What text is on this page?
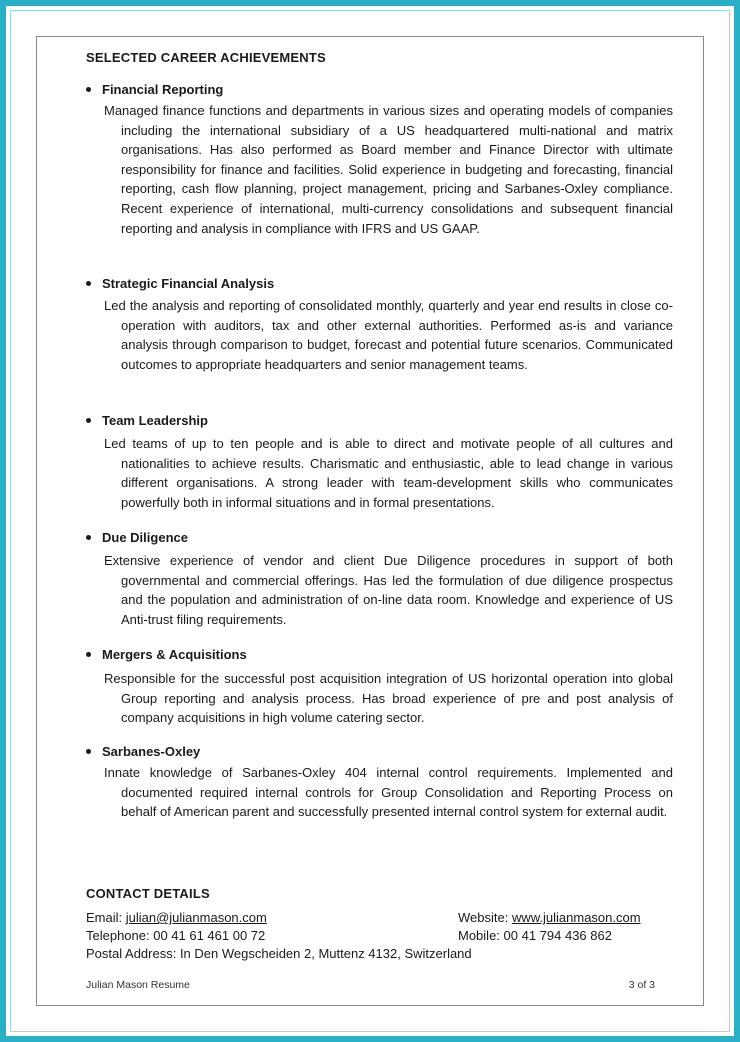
SELECTED CAREER ACHIEVEMENTS
Financial Reporting
Managed finance functions and departments in various sizes and operating models of companies including the international subsidiary of a US headquartered multi-national and matrix organisations. Has also performed as Board member and Finance Director with ultimate responsibility for finance and facilities. Solid experience in budgeting and forecasting, financial reporting, cash flow planning, project management, pricing and Sarbanes-Oxley compliance. Recent experience of international, multi-currency consolidations and subsequent financial reporting and analysis in compliance with IFRS and US GAAP.
Strategic Financial Analysis
Led the analysis and reporting of consolidated monthly, quarterly and year end results in close co-operation with auditors, tax and other external authorities. Performed as-is and variance analysis through comparison to budget, forecast and potential future scenarios. Communicated outcomes to appropriate headquarters and senior management teams.
Team Leadership
Led teams of up to ten people and is able to direct and motivate people of all cultures and nationalities to achieve results. Charismatic and enthusiastic, able to lead change in various different organisations. A strong leader with team-development skills who communicates powerfully both in informal situations and in formal presentations.
Due Diligence
Extensive experience of vendor and client Due Diligence procedures in support of both governmental and commercial offerings. Has led the formulation of due diligence prospectus and the population and administration of on-line data room. Knowledge and experience of US Anti-trust filing requirements.
Mergers & Acquisitions
Responsible for the successful post acquisition integration of US horizontal operation into global Group reporting and analysis process. Has broad experience of pre and post analysis of company acquisitions in high volume catering sector.
Sarbanes-Oxley
Innate knowledge of Sarbanes-Oxley 404 internal control requirements. Implemented and documented required internal controls for Group Consolidation and Reporting Process on behalf of American parent and successfully presented internal control system for external audit.
CONTACT DETAILS
Email: julian@julianmason.com	Website: www.julianmason.com
Telephone: 00 41 61 461 00 72	Mobile: 00 41 794 436 862
Postal Address: In Den Wegscheiden 2, Muttenz 4132, Switzerland
Julian Mason Resume	3 of 3
